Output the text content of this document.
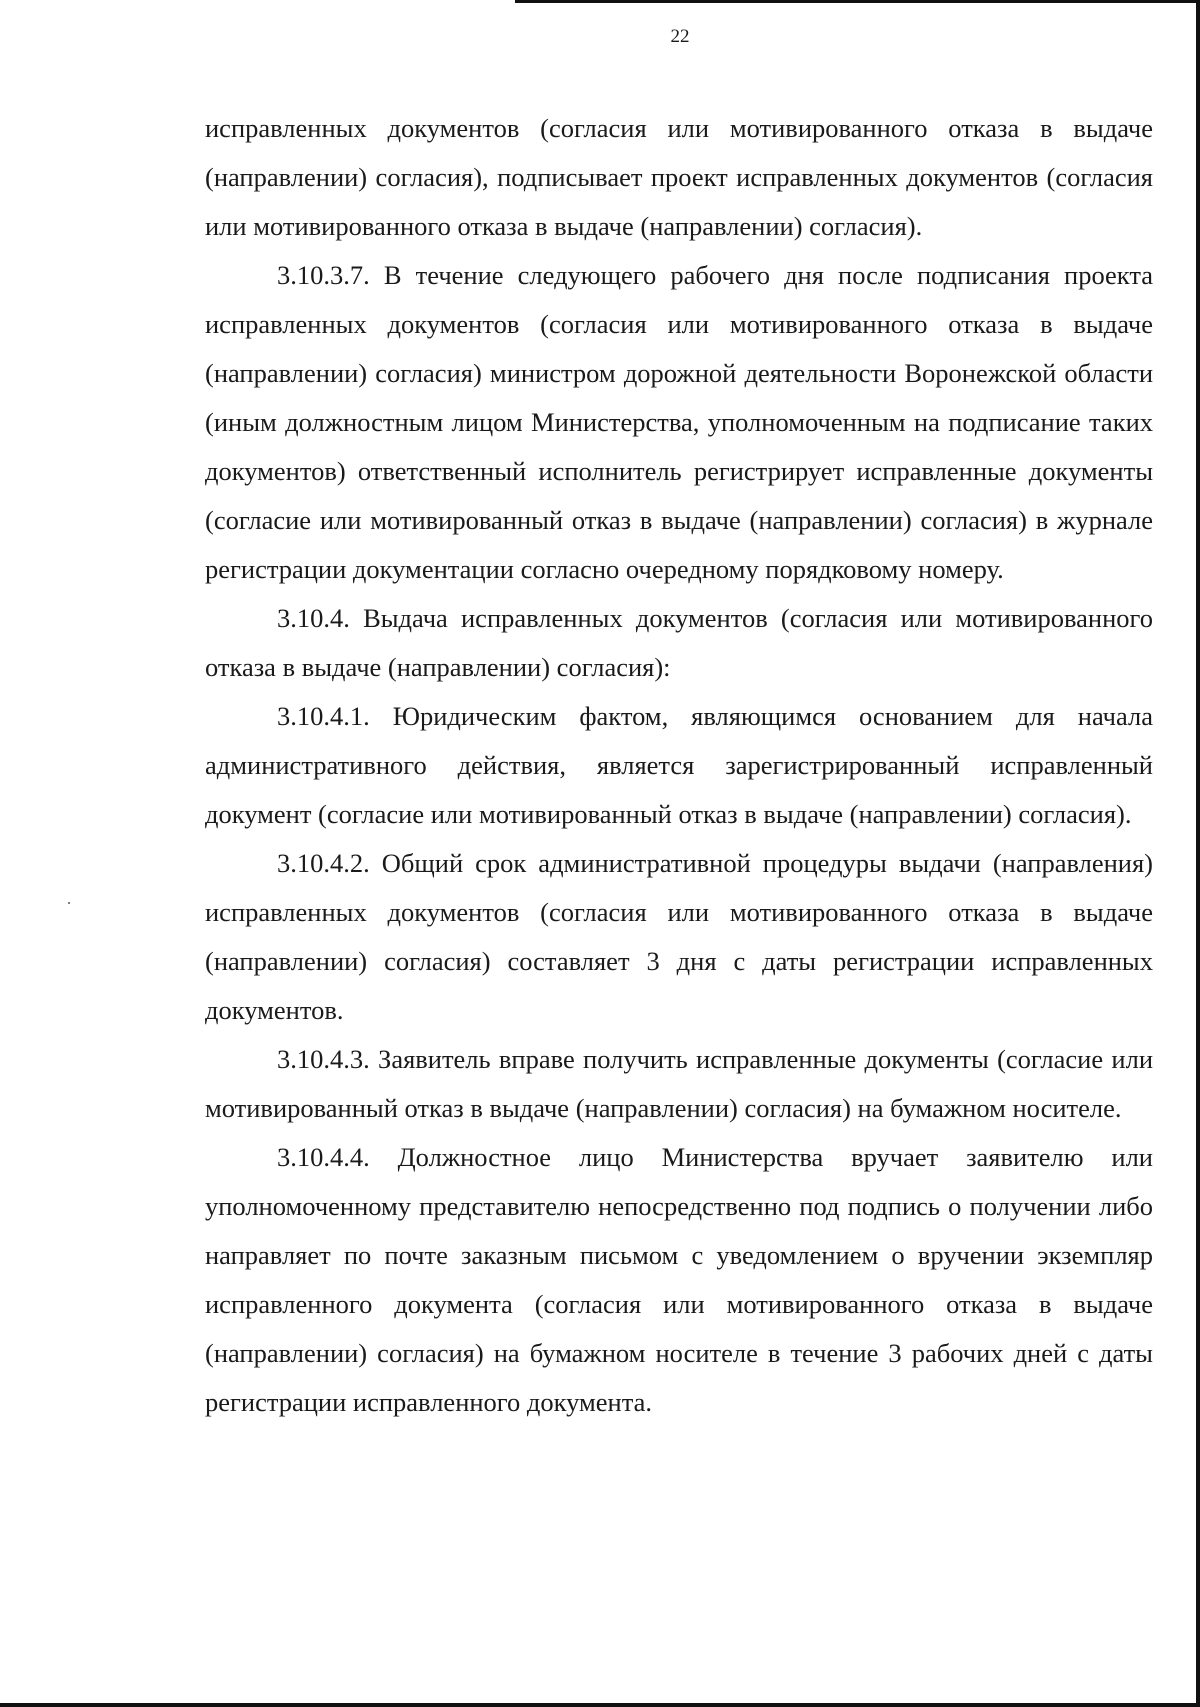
22

исправленных документов (согласия или мотивированного отказа в выдаче (направлении) согласия), подписывает проект исправленных документов (согласия или мотивированного отказа в выдаче (направлении) согласия).

3.10.3.7. В течение следующего рабочего дня после подписания проекта исправленных документов (согласия или мотивированного отказа в выдаче (направлении) согласия) министром дорожной деятельности Воронежской области (иным должностным лицом Министерства, уполномоченным на подписание таких документов) ответственный исполнитель регистрирует исправленные документы (согласие или мотивированный отказ в выдаче (направлении) согласия) в журнале регистрации документации согласно очередному порядковому номеру.

3.10.4. Выдача исправленных документов (согласия или мотивированного отказа в выдаче (направлении) согласия):

3.10.4.1. Юридическим фактом, являющимся основанием для начала административного действия, является зарегистрированный исправленный документ (согласие или мотивированный отказ в выдаче (направлении) согласия).

3.10.4.2. Общий срок административной процедуры выдачи (направления) исправленных документов (согласия или мотивированного отказа в выдаче (направлении) согласия) составляет 3 дня с даты регистрации исправленных документов.

3.10.4.3. Заявитель вправе получить исправленные документы (согласие или мотивированный отказ в выдаче (направлении) согласия) на бумажном носителе.

3.10.4.4. Должностное лицо Министерства вручает заявителю или уполномоченному представителю непосредственно под подпись о получении либо направляет по почте заказным письмом с уведомлением о вручении экземпляр исправленного документа (согласия или мотивированного отказа в выдаче (направлении) согласия) на бумажном носителе в течение 3 рабочих дней с даты регистрации исправленного документа.
